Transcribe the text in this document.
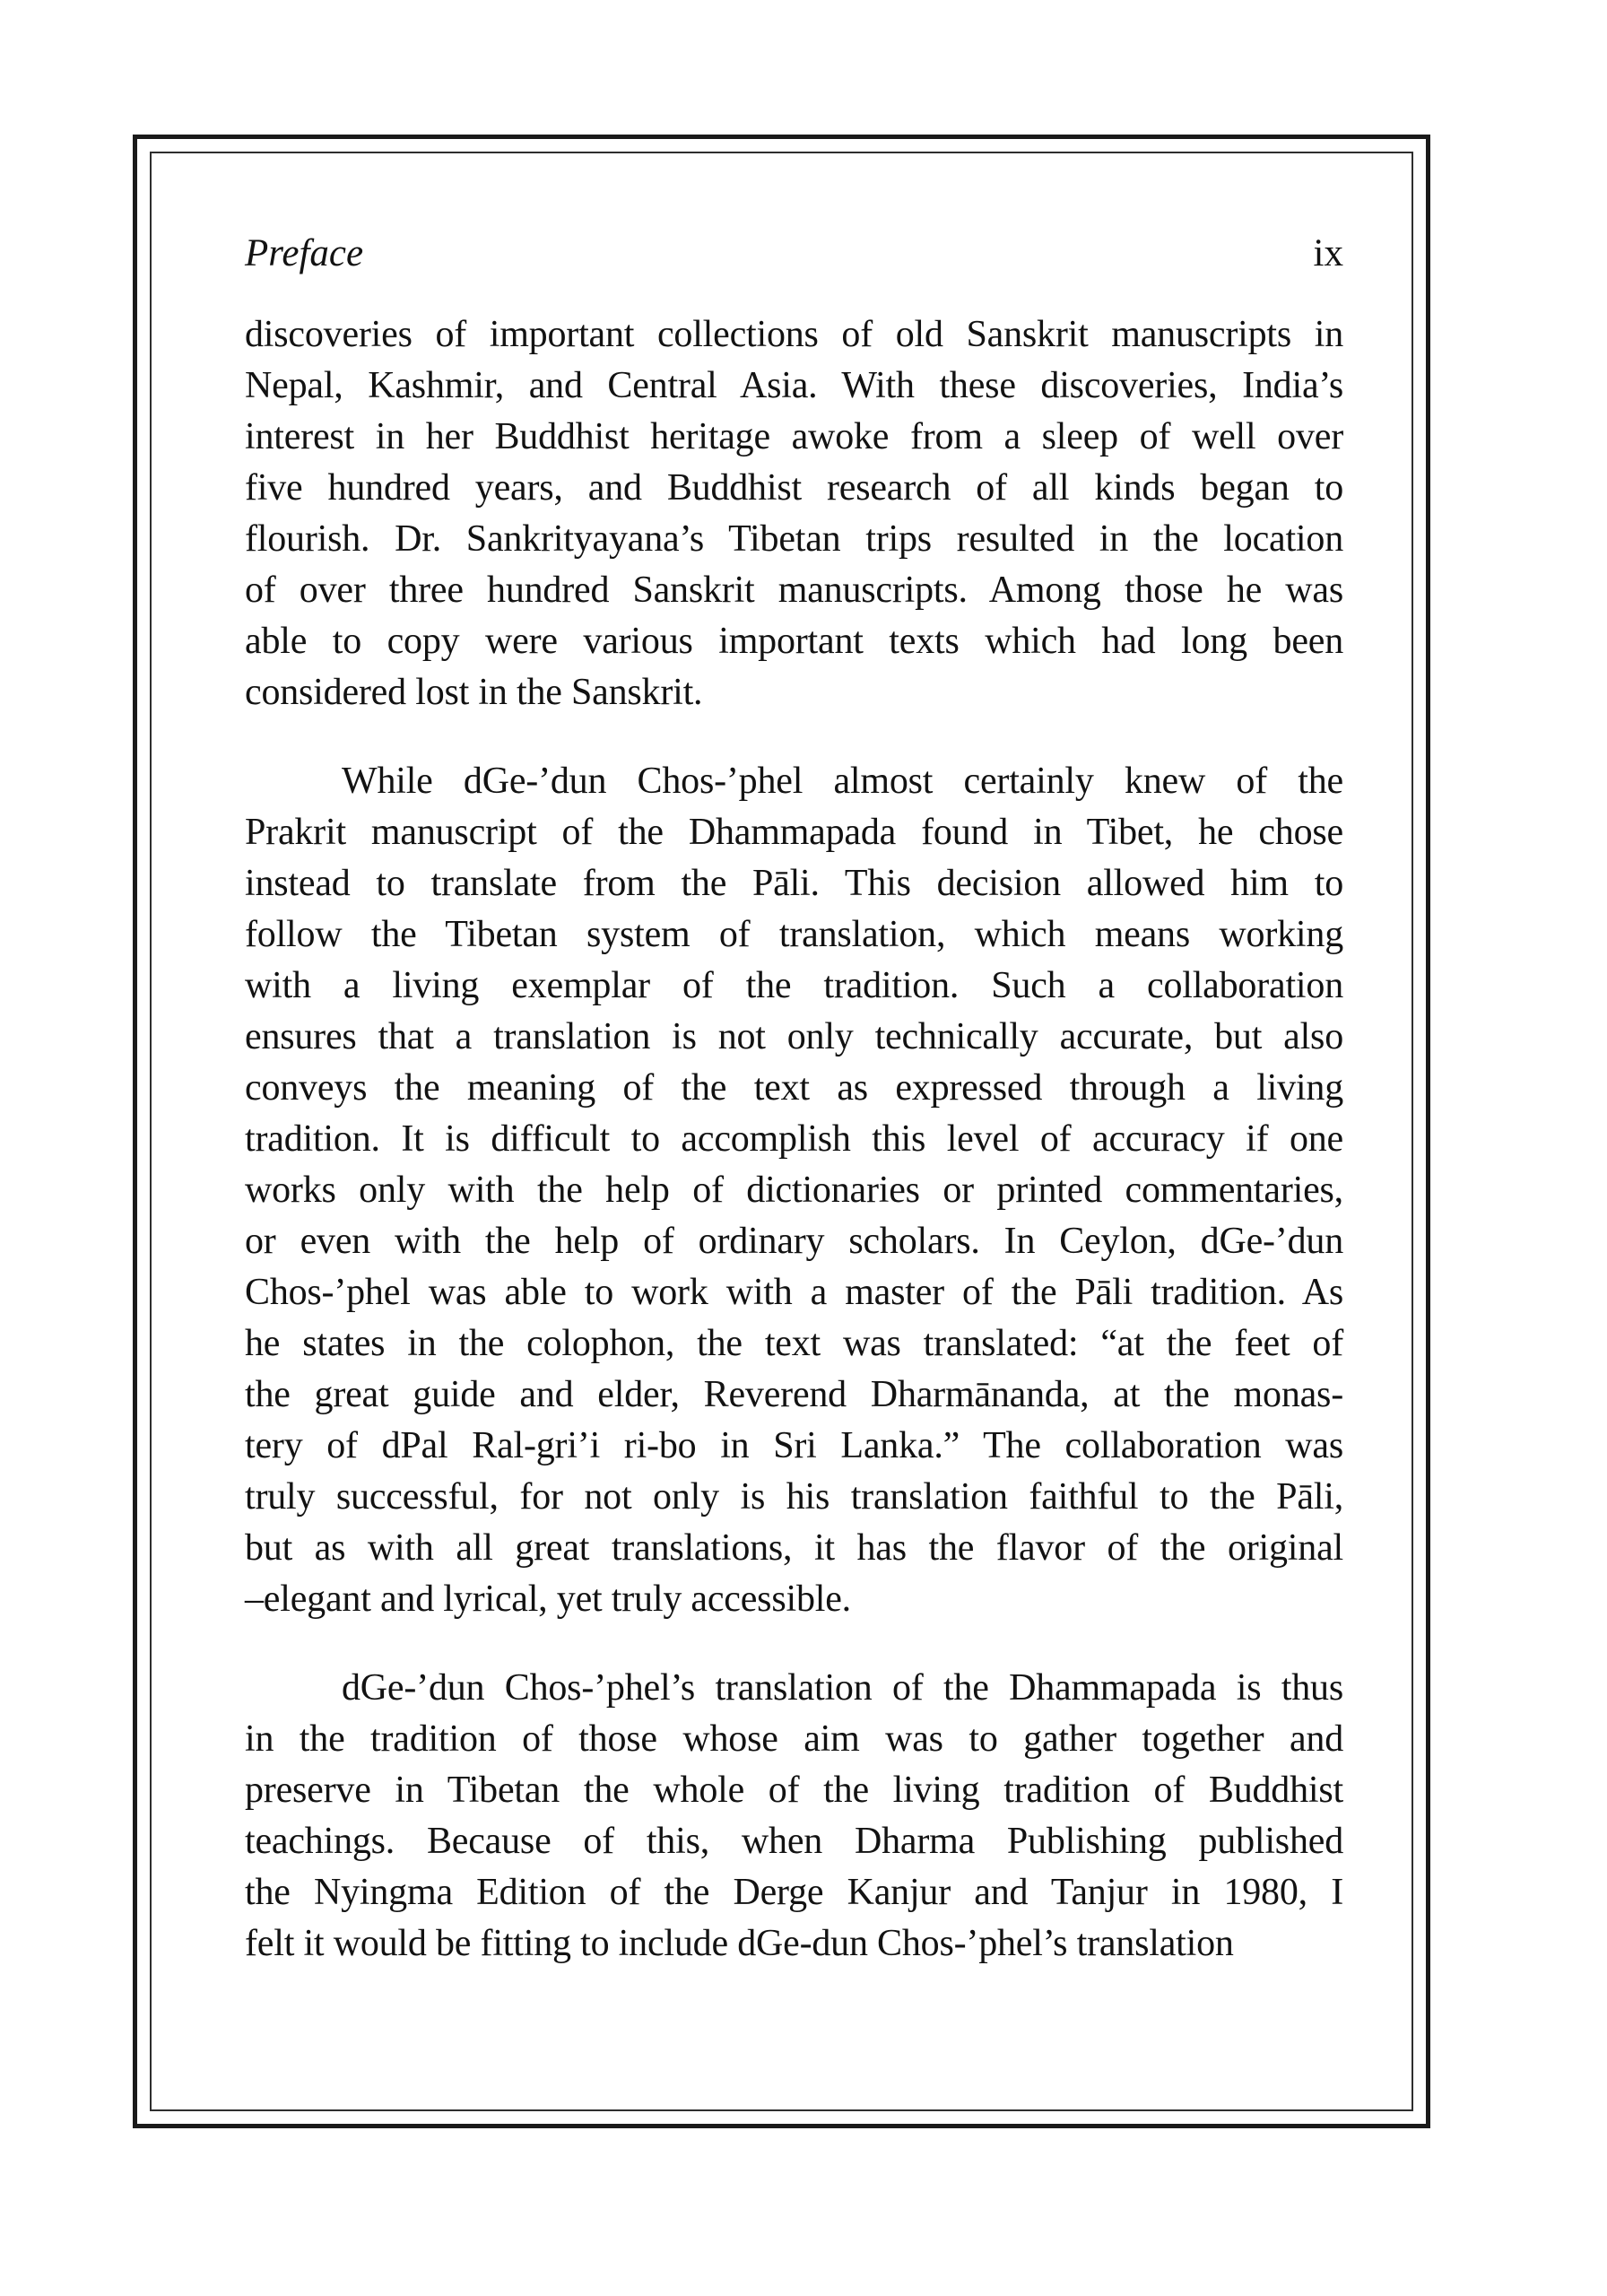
Preface	ix
discoveries of important collections of old Sanskrit manuscripts in
Nepal, Kashmir, and Central Asia. With these discoveries, India’s
interest in her Buddhist heritage awoke from a sleep of well over
five hundred years, and Buddhist research of all kinds began to
flourish. Dr. Sankrityayana’s Tibetan trips resulted in the location
of over three hundred Sanskrit manuscripts. Among those he was
able to copy were various important texts which had long been
considered lost in the Sanskrit.
While dGe-’dun Chos-’phel almost certainly knew of the
Prakrit manuscript of the Dhammapada found in Tibet, he chose
instead to translate from the Pāli. This decision allowed him to
follow the Tibetan system of translation, which means working
with a living exemplar of the tradition. Such a collaboration
ensures that a translation is not only technically accurate, but also
conveys the meaning of the text as expressed through a living
tradition. It is difficult to accomplish this level of accuracy if one
works only with the help of dictionaries or printed commentaries,
or even with the help of ordinary scholars. In Ceylon, dGe-’dun
Chos-’phel was able to work with a master of the Pāli tradition. As
he states in the colophon, the text was translated: “at the feet of
the great guide and elder, Reverend Dharmānanda, at the monas-
tery of dPal Ral-gri’i ri-bo in Sri Lanka.” The collaboration was
truly successful, for not only is his translation faithful to the Pāli,
but as with all great translations, it has the flavor of the original
–elegant and lyrical, yet truly accessible.
dGe-’dun Chos-’phel’s translation of the Dhammapada is thus
in the tradition of those whose aim was to gather together and
preserve in Tibetan the whole of the living tradition of Buddhist
teachings. Because of this, when Dharma Publishing published
the Nyingma Edition of the Derge Kanjur and Tanjur in 1980, I
felt it would be fitting to include dGe-dun Chos-’phel’s translation
